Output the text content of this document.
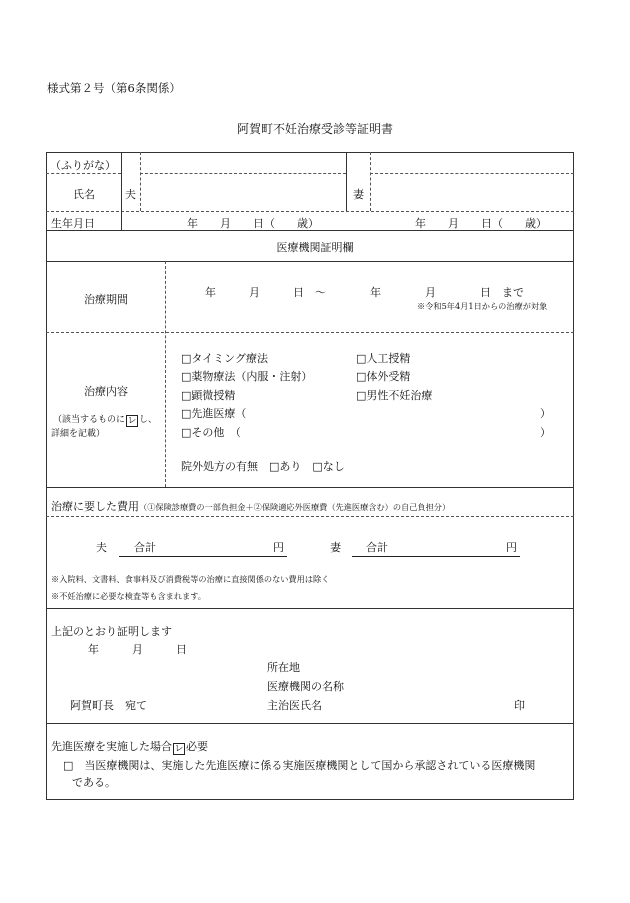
様式第２号（第6条関係）
阿賀町不妊治療受診等証明書
（ふりがな）
氏名	夫	妻
生年月日	年　　月　　日（　　歳）	年　　月　　日（　　歳）
医療機関証明欄
治療期間
年　　　月　　　日　～　　　　年　　　　月　　　　日　まで
※令和5年4月1日からの治療が対象
治療内容
（該当するものに レ し、
詳細を記載）
□タイミング療法
□薬物療法（内服・注射）
□顕微授精
□先進医療（
□その他　（
）
）
□人工授精
□体外受精
□男性不妊治療
院外処方の有無　□あり　□なし
治療に要した費用（①保険診療費の一部負担金＋②保険適応外医療費（先進医療含む）の自己負担分）
夫	合計	円	妻	合計	円
※入院料、文書料、食事料及び消費税等の治療に直接関係のない費用は除く
※不妊治療に必要な検査等も含まれます。
上記のとおり証明します
年　　　月　　　日
所在地
医療機関の名称
阿賀町長　宛て	主治医氏名	印
先進医療を実施した場合 レ 必要
□　当医療機関は、実施した先進医療に係る実施医療機関として国から承認されている医療機関
である。
